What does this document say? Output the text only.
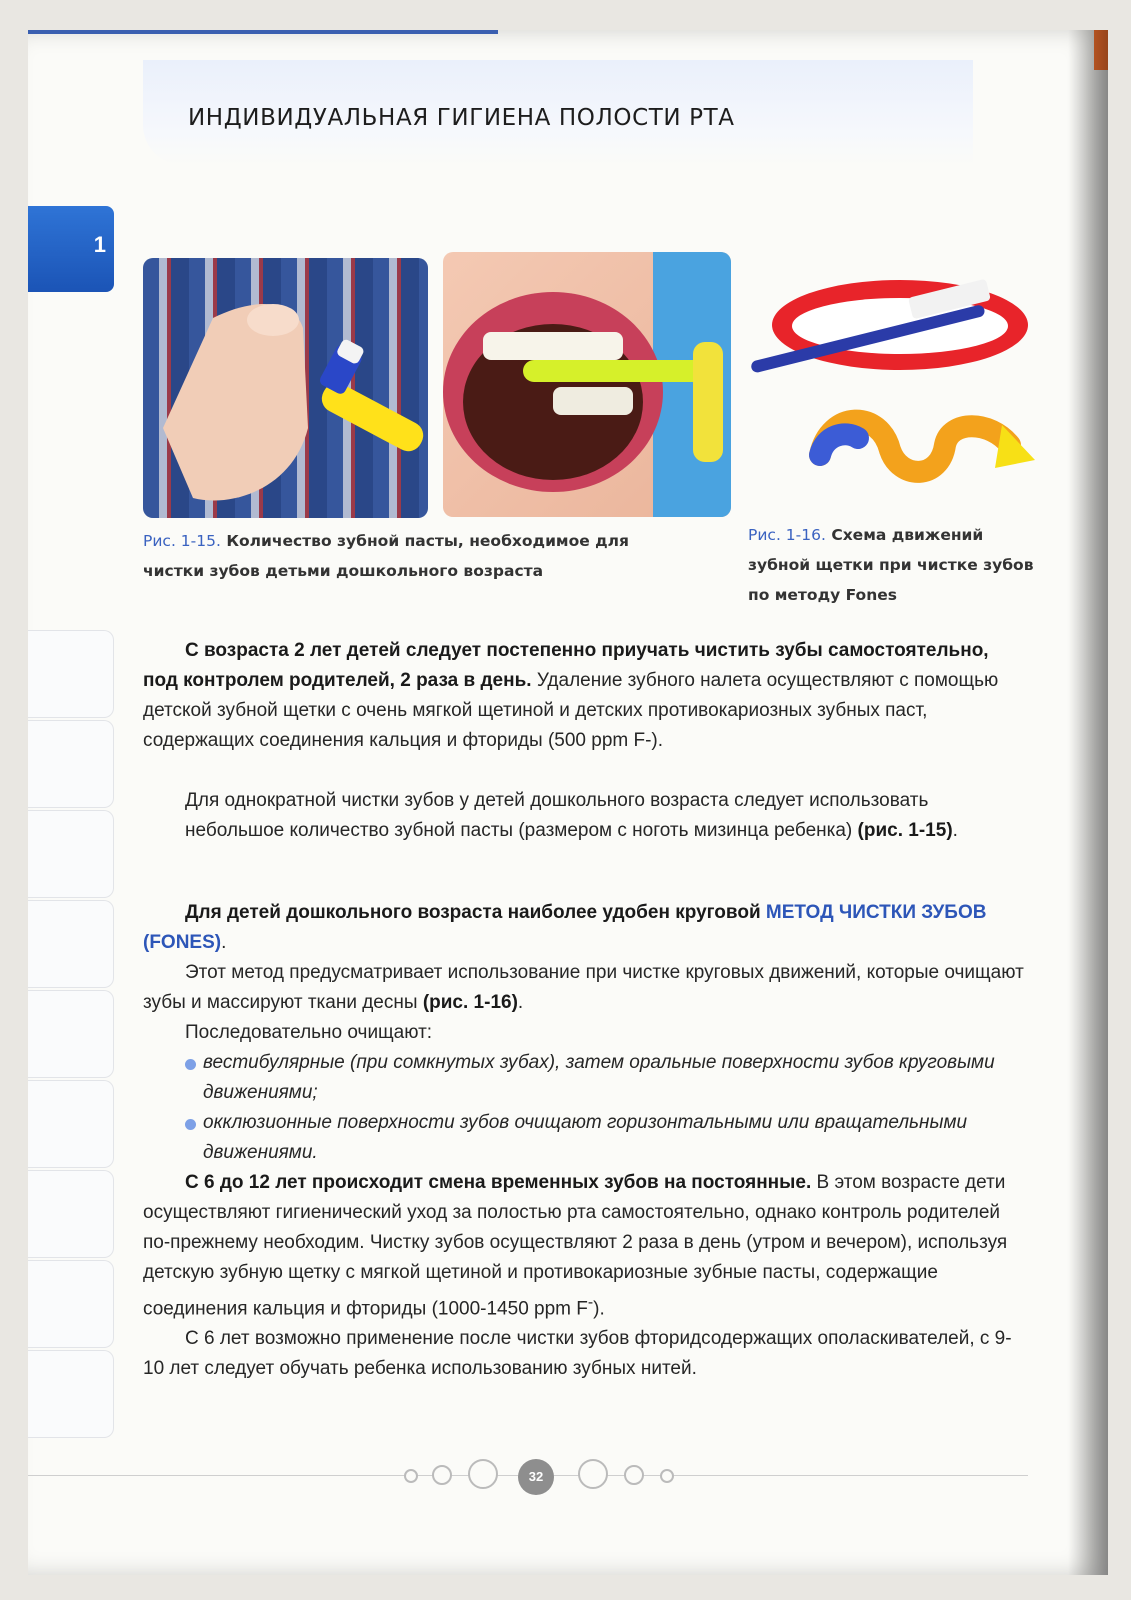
ИНДИВИДУАЛЬНАЯ ГИГИЕНА ПОЛОСТИ РТА
1
Рис. 1-15. Количество зубной пасты, необходимое для чистки зубов детьми дошкольного возраста
Рис. 1-16. Схема движений зубной щетки при чистке зубов по методу Fones

С возраста 2 лет детей следует постепенно приучать чистить зубы самостоятельно, под контролем родителей, 2 раза в день. Удаление зубного налета осуществляют с помощью детской зубной щетки с очень мягкой щетиной и детских противокариозных зубных паст, содержащих соединения кальция и фториды (500 ppm F-).

Для однократной чистки зубов у детей дошкольного возраста следует использовать небольшое количество зубной пасты (размером с ноготь мизинца ребенка) (рис. 1-15).

Для детей дошкольного возраста наиболее удобен круговой МЕТОД ЧИСТКИ ЗУБОВ (FONES).

Этот метод предусматривает использование при чистке круговых движений, которые очищают зубы и массируют ткани десны (рис. 1-16).

Последовательно очищают:

вестибулярные (при сомкнутых зубах), затем оральные поверхности зубов круговыми движениями;
окклюзионные поверхности зубов очищают горизонтальными или вращательными движениями.

С 6 до 12 лет происходит смена временных зубов на постоянные. В этом возрасте дети осуществляют гигиенический уход за полостью рта самостоятельно, однако контроль родителей по-прежнему необходим. Чистку зубов осуществляют 2 раза в день (утром и вечером), используя детскую зубную щетку с мягкой щетиной и противокариозные зубные пасты, содержащие соединения кальция и фториды (1000-1450 ppm F-).

С 6 лет возможно применение после чистки зубов фторидсодержащих ополаскивателей, с 9-10 лет следует обучать ребенка использованию зубных нитей.

32
